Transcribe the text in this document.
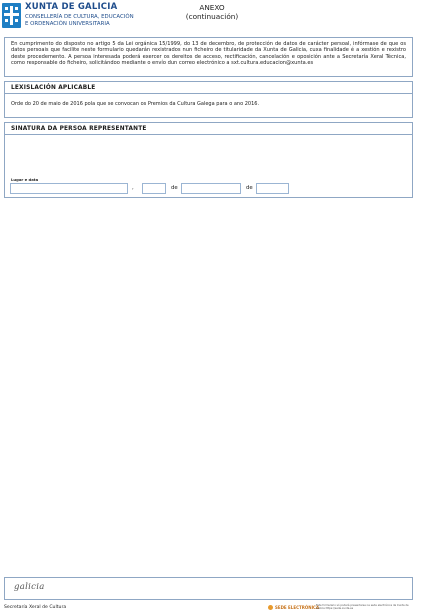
XUNTA DE GALICIA
CONSELLERÍA DE CULTURA, EDUCACIÓN
E ORDENACIÓN UNIVERSITARIA
ANEXO
(continuación)

En cumprimento do disposto no artigo 5 da Lei orgánica 15/1999, do 13 de decembro, de protección de datos de carácter persoal, infórmase de que os datos persoais que facilite neste formulario quedarán rexistrados nun ficheiro de titularidade da Xunta de Galicia, cuxa finalidade é a xestión e rexistro deste procedemento. A persoa interesada poderá exercer os dereitos de acceso, rectificación, cancelación e oposición ante a Secretaría Xeral Técnica, como responsable do ficheiro, solicitándoo mediante o envío dun correo electrónico a sxt.cultura.educacion@xunta.es

LEXISLACIÓN APLICABLE
Orde do 20 de maio de 2016 pola que se convocan os Premios da Cultura Galega para o ano 2016.
SINATURA DA PERSOA REPRESENTANTE
Lugar e data
,	de	de
galicia
Secretaría Xeral de Cultura	SEDE ELECTRÓNICA
Este formulario só poderá presentarse na sede electrónica da Xunta de Galicia https://sede.xunta.es
